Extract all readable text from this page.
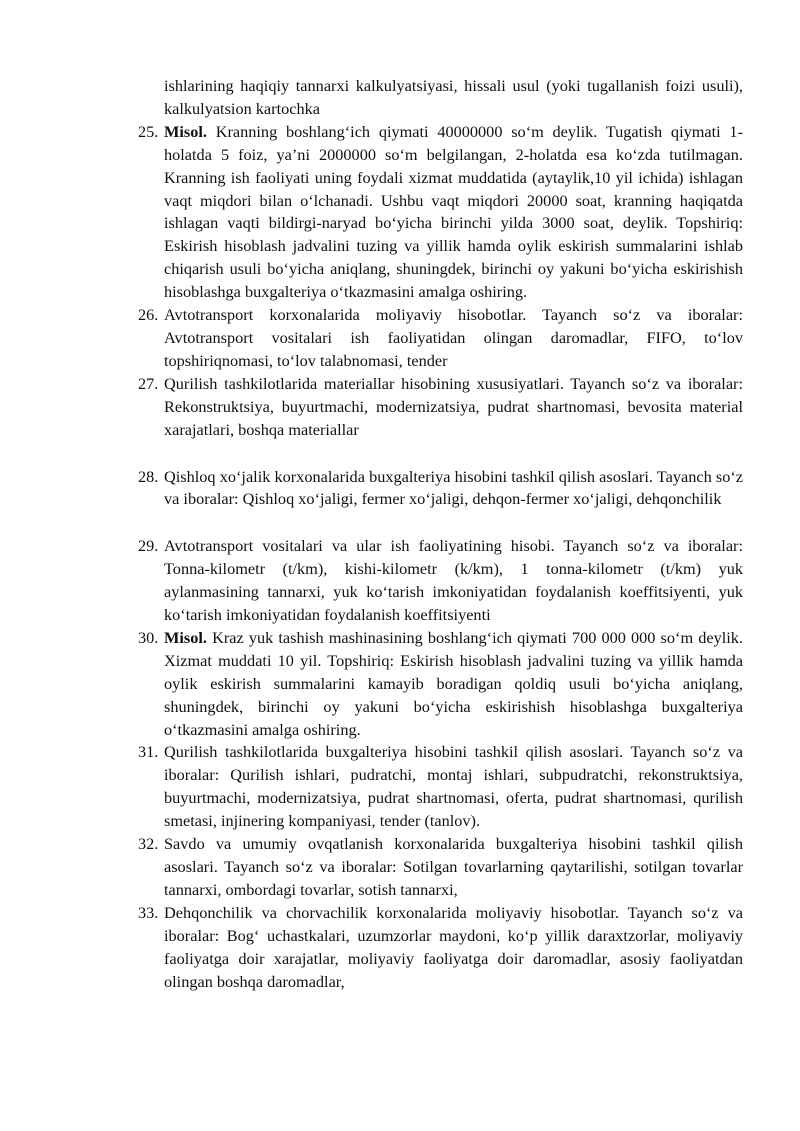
ishlarining haqiqiy tannarxi kalkulyatsiyasi, hissali usul (yoki tugallanish foizi usuli), kalkulyatsion kartochka
25. Misol. Kranning boshlang‘ich qiymati 40000000 so‘m deylik. Tugatish qiymati 1-holatda 5 foiz, ya’ni 2000000 so‘m belgilangan, 2-holatda esa ko‘zda tutilmagan. Kranning ish faoliyati uning foydali xizmat muddatida (aytaylik,10 yil ichida) ishlagan vaqt miqdori bilan o‘lchanadi. Ushbu vaqt miqdori 20000 soat, kranning haqiqatda ishlagan vaqti bildirgi-naryad bo‘yicha birinchi yilda 3000 soat, deylik. Topshiriq: Eskirish hisoblash jadvalini tuzing va yillik hamda oylik eskirish summalarini ishlab chiqarish usuli bo‘yicha aniqlang, shuningdek, birinchi oy yakuni bo‘yicha eskirishish hisoblashga buxgalteriya o‘tkazmasini amalga oshiring.
26. Avtotransport korxonalarida moliyaviy hisobotlar. Tayanch so‘z va iboralar: Avtotransport vositalari ish faoliyatidan olingan daromadlar, FIFO, to‘lov topshiriqnomasi, to‘lov talabnomasi, tender
27. Qurilish tashkilotlarida materiallar hisobining xususiyatlari. Tayanch so‘z va iboralar: Rekonstruktsiya, buyurtmachi, modernizatsiya, pudrat shartnomasi, bevosita material xarajatlari, boshqa materiallar
28. Qishloq xo‘jalik korxonalarida buxgalteriya hisobini tashkil qilish asoslari. Tayanch so‘z va iboralar: Qishloq xo‘jaligi, fermer xo‘jaligi, dehqon-fermer xo‘jaligi, dehqonchilik
29. Avtotransport vositalari va ular ish faoliyatining hisobi. Tayanch so‘z va iboralar: Tonna-kilometr (t/km), kishi-kilometr (k/km), 1 tonna-kilometr (t/km) yuk aylanmasining tannarxi, yuk ko‘tarish imkoniyatidan foydalanish koeffitsiyenti, yuk ko‘tarish imkoniyatidan foydalanish koeffitsiyenti
30. Misol. Kraz yuk tashish mashinasining boshlang‘ich qiymati 700 000 000 so‘m deylik. Xizmat muddati 10 yil. Topshiriq: Eskirish hisoblash jadvalini tuzing va yillik hamda oylik eskirish summalarini kamayib boradigan qoldiq usuli bo‘yicha aniqlang, shuningdek, birinchi oy yakuni bo‘yicha eskirishish hisoblashga buxgalteriya o‘tkazmasini amalga oshiring.
31. Qurilish tashkilotlarida buxgalteriya hisobini tashkil qilish asoslari. Tayanch so‘z va iboralar: Qurilish ishlari, pudratchi, montaj ishlari, subpudratchi, rekonstruktsiya, buyurtmachi, modernizatsiya, pudrat shartnomasi, oferta, pudrat shartnomasi, qurilish smetasi, injinering kompaniyasi, tender (tanlov).
32. Savdo va umumiy ovqatlanish korxonalarida buxgalteriya hisobini tashkil qilish asoslari. Tayanch so‘z va iboralar: Sotilgan tovarlarning qaytarilishi, sotilgan tovarlar tannarxi, ombordagi tovarlar, sotish tannarxi,
33. Dehqonchilik va chorvachilik korxonalarida moliyaviy hisobotlar. Tayanch so‘z va iboralar: Bog‘ uchastkalari, uzumzorlar maydoni, ko‘p yillik daraxtzorlar, moliyaviy faoliyatga doir xarajatlar, moliyaviy faoliyatga doir daromadlar, asosiy faoliyatdan olingan boshqa daromadlar,
